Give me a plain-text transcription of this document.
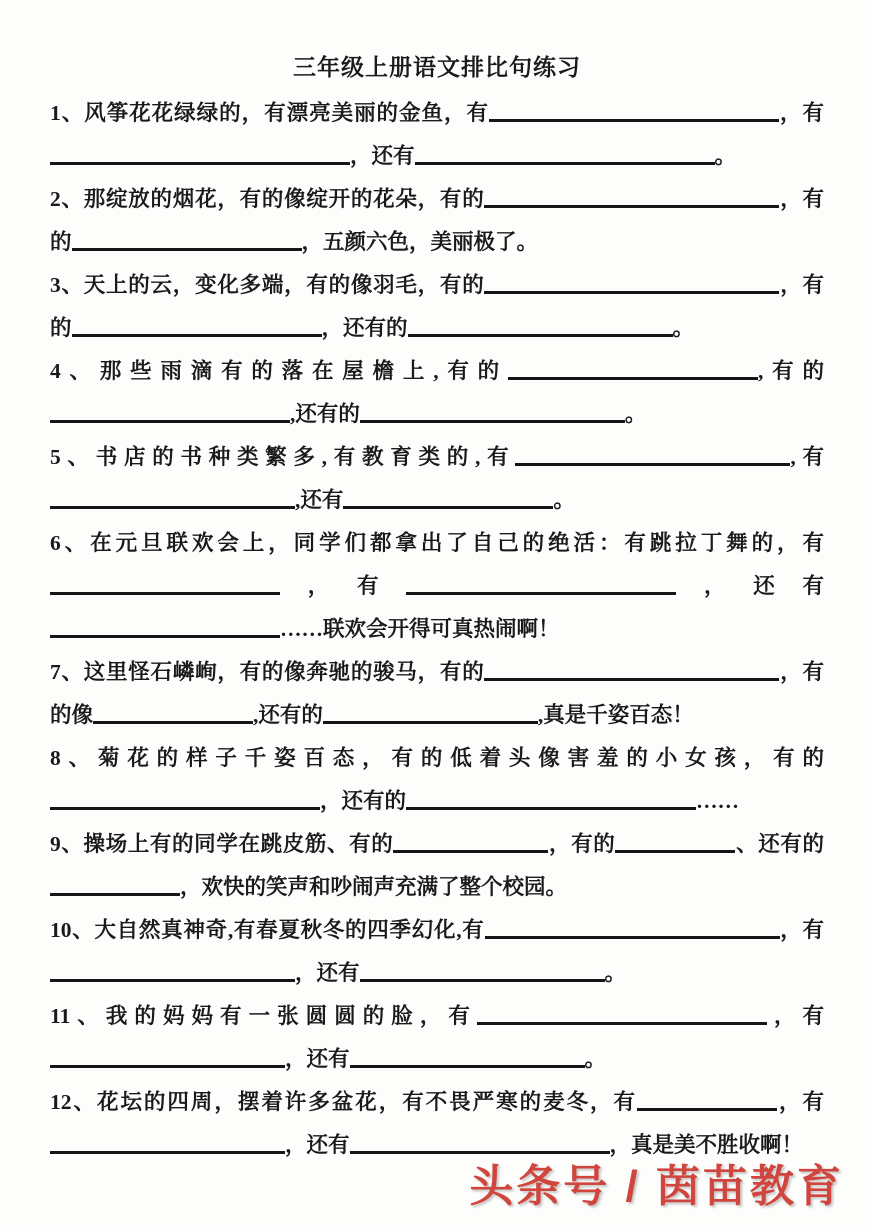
三年级上册语文排比句练习

1、风筝花花绿绿的，有漂亮美丽的金鱼，有	，有，还有	。

2、那绽放的烟花，有的像绽开的花朵，有的	，有的	，五颜六色，美丽极了。

3、天上的云，变化多端，有的像羽毛，有的	，有的	，还有的	。

4、那些雨滴有的落在屋檐上,有的	,有的,还有的	。

5、书店的书种类繁多,有教育类的,有	,有,还有	。

6、在元旦联欢会上，同学们都拿出了自己的绝活：有跳拉丁舞的，有，有	，还有……联欢会开得可真热闹啊！

7、这里怪石嶙峋，有的像奔驰的骏马，有的	，有的像	,还有的	,真是千姿百态！

8、菊花的样子千姿百态，有的低着头像害羞的小女孩，有的，还有的	……

9、操场上有的同学在跳皮筋、有的	，有的	、还有的，欢快的笑声和吵闹声充满了整个校园。

10、大自然真神奇,有春夏秋冬的四季幻化,有	，有，还有	。

11、我的妈妈有一张圆圆的脸，有	，有，还有	。

12、花坛的四周，摆着许多盆花，有不畏严寒的麦冬，有	，有，还有	，真是美不胜收啊！

头条号 / 茵苗教育
